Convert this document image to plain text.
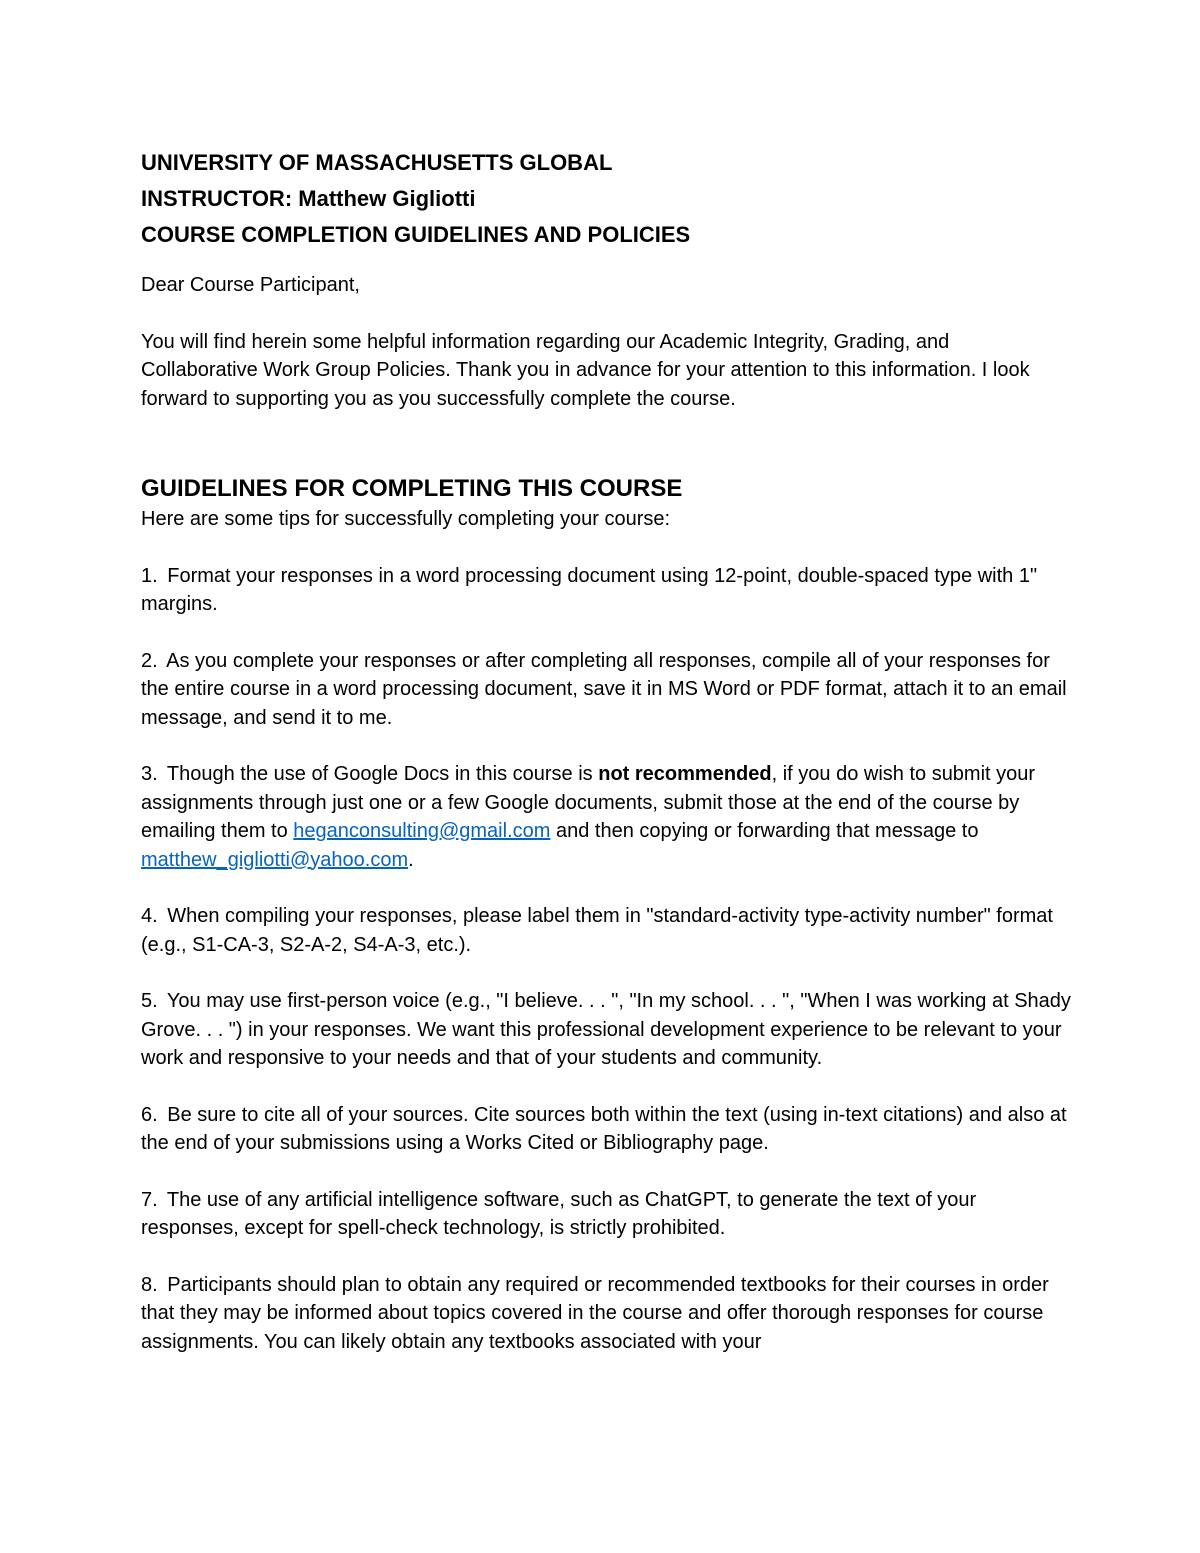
UNIVERSITY OF MASSACHUSETTS GLOBAL

INSTRUCTOR: Matthew Gigliotti

COURSE COMPLETION GUIDELINES AND POLICIES

Dear Course Participant,

You will find herein some helpful information regarding our Academic Integrity, Grading, and Collaborative Work Group Policies. Thank you in advance for your attention to this information. I look forward to supporting you as you successfully complete the course.

GUIDELINES FOR COMPLETING THIS COURSE

Here are some tips for successfully completing your course:

1. Format your responses in a word processing document using 12-point, double-spaced type with 1" margins.

2. As you complete your responses or after completing all responses, compile all of your responses for the entire course in a word processing document, save it in MS Word or PDF format, attach it to an email message, and send it to me.

3. Though the use of Google Docs in this course is not recommended, if you do wish to submit your assignments through just one or a few Google documents, submit those at the end of the course by emailing them to heganconsulting@gmail.com and then copying or forwarding that message to matthew_gigliotti@yahoo.com.

4. When compiling your responses, please label them in "standard-activity type-activity number" format (e.g., S1-CA-3, S2-A-2, S4-A-3, etc.).

5. You may use first-person voice (e.g., "I believe. . . ", "In my school. . . ", "When I was working at Shady Grove. . . ") in your responses. We want this professional development experience to be relevant to your work and responsive to your needs and that of your students and community.

6. Be sure to cite all of your sources. Cite sources both within the text (using in-text citations) and also at the end of your submissions using a Works Cited or Bibliography page.

7. The use of any artificial intelligence software, such as ChatGPT, to generate the text of your responses, except for spell-check technology, is strictly prohibited.

8. Participants should plan to obtain any required or recommended textbooks for their courses in order that they may be informed about topics covered in the course and offer thorough responses for course assignments. You can likely obtain any textbooks associated with your
